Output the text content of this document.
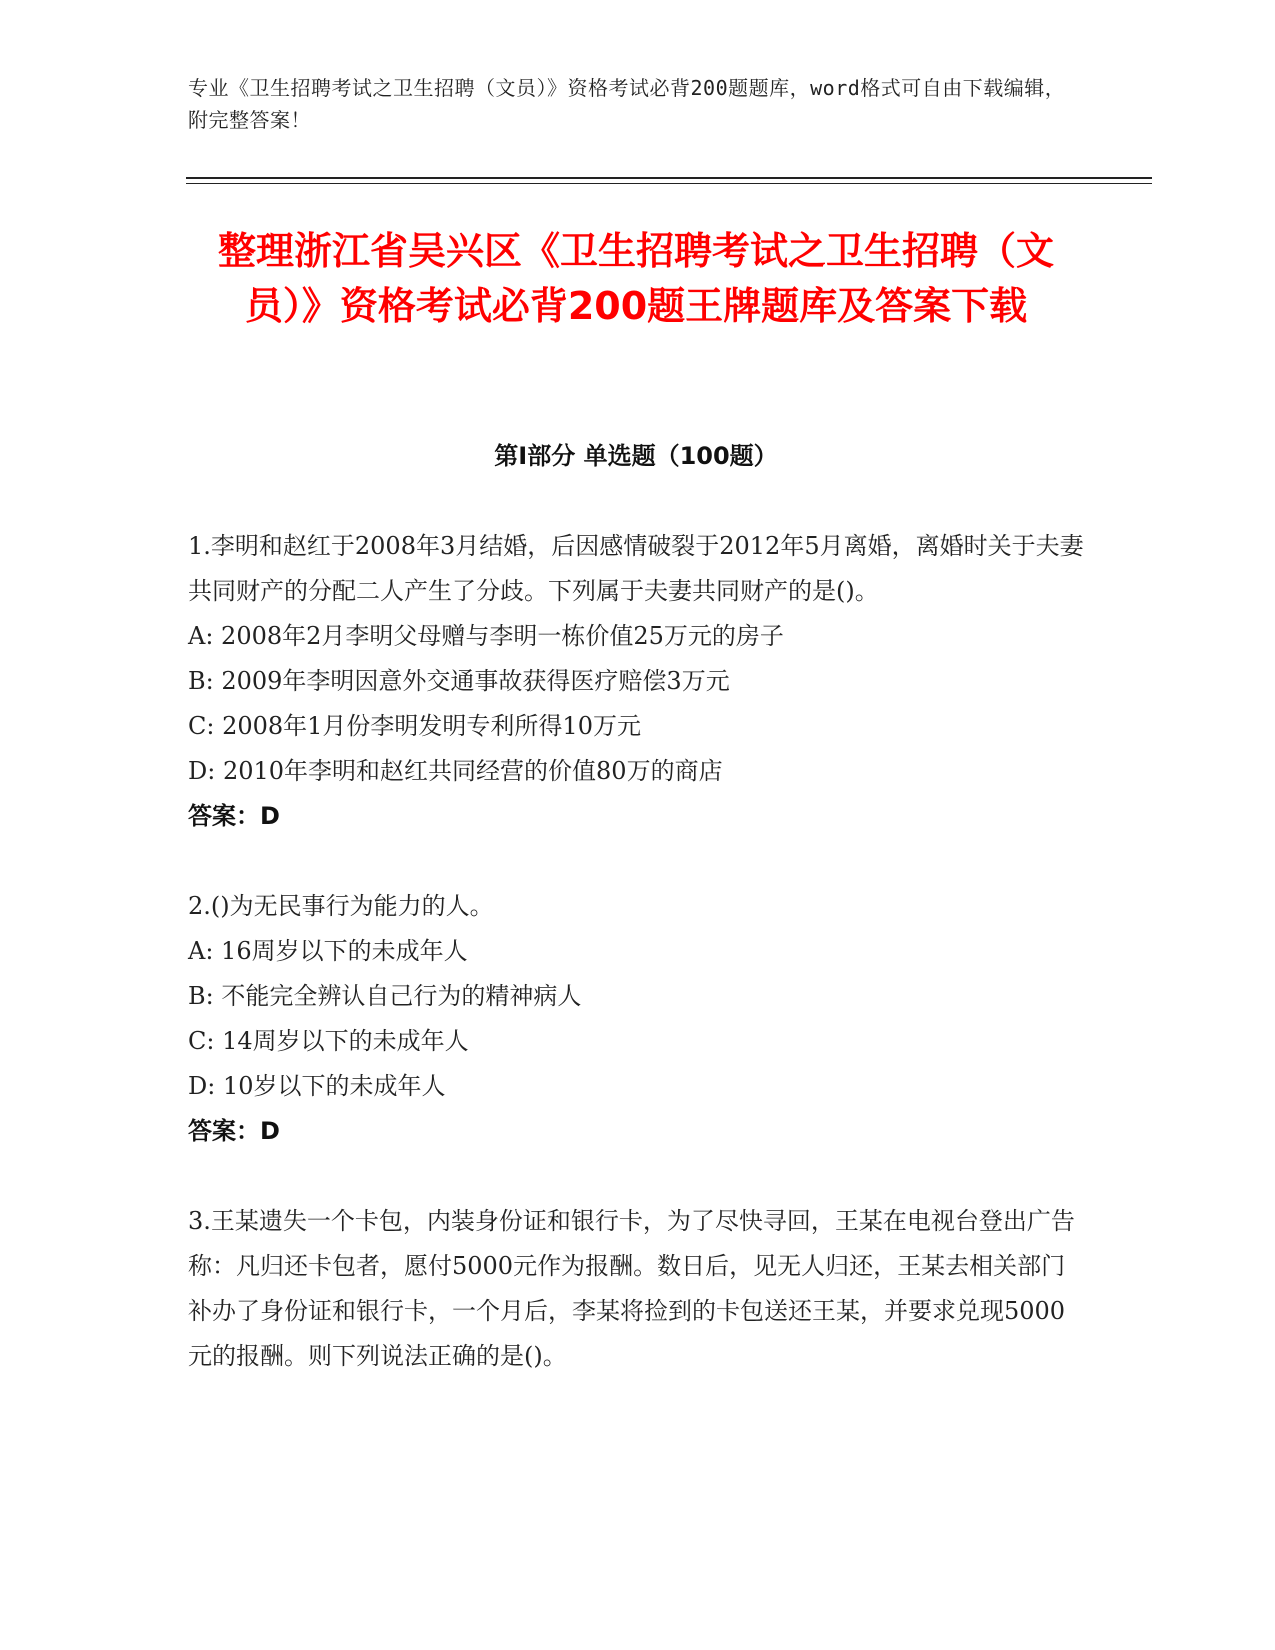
专业《卫生招聘考试之卫生招聘（文员）》资格考试必背200题题库，word格式可自由下载编辑，附完整答案！
整理浙江省吴兴区《卫生招聘考试之卫生招聘（文员）》资格考试必背200题王牌题库及答案下载
第I部分 单选题（100题）

1.李明和赵红于2008年3月结婚，后因感情破裂于2012年5月离婚，离婚时关于夫妻共同财产的分配二人产生了分歧。下列属于夫妻共同财产的是()。

A: 2008年2月李明父母赠与李明一栋价值25万元的房子

B: 2009年李明因意外交通事故获得医疗赔偿3万元

C: 2008年1月份李明发明专利所得10万元

D: 2010年李明和赵红共同经营的价值80万的商店

答案：D

2.()为无民事行为能力的人。

A: 16周岁以下的未成年人

B: 不能完全辨认自己行为的精神病人

C: 14周岁以下的未成年人

D: 10岁以下的未成年人

答案：D

3.王某遗失一个卡包，内装身份证和银行卡，为了尽快寻回，王某在电视台登出广告称：凡归还卡包者，愿付5000元作为报酬。数日后，见无人归还，王某去相关部门补办了身份证和银行卡，一个月后，李某将捡到的卡包送还王某，并要求兑现5000元的报酬。则下列说法正确的是()。
